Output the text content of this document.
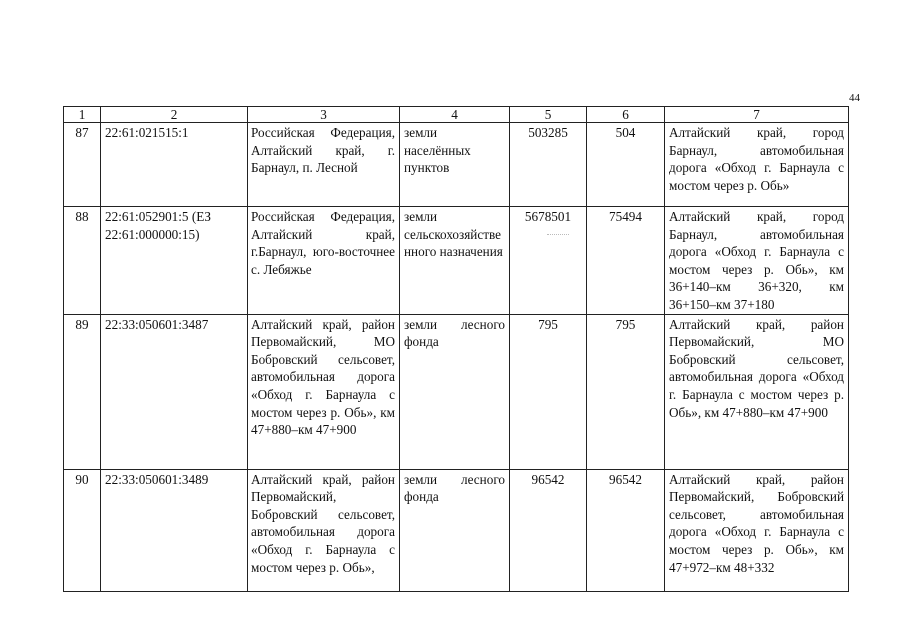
44
1	2	3	4	5	6	7
87	22:61:021515:1	Российская Федерация, Алтайский край, г. Барнаул, п. Лесной	земли населённых пунктов	503285	504	Алтайский край, город Барнаул, автомобильная дорога «Обход г. Барнаула с мостом через р. Обь»
88	22:61:052901:5 (ЕЗ 22:61:000000:15)	Российская Федерация, Алтайский край, г.Барнаул, юго-восточнее с. Лебяжье	земли сельскохозяйственного назначения	5678501	75494	Алтайский край, город Барнаул, автомобильная дорога «Обход г. Барнаула с мостом через р. Обь», км 36+140–км 36+320, км 36+150–км 37+180
89	22:33:050601:3487	Алтайский край, район Первомайский, МО Бобровский сельсовет, автомобильная дорога «Обход г. Барнаула с мостом через р. Обь», км 47+880–км 47+900	земли лесного фонда	795	795	Алтайский край, район Первомайский, МО Бобровский сельсовет, автомобильная дорога «Обход г. Барнаула с мостом через р. Обь», км 47+880–км 47+900
90	22:33:050601:3489	Алтайский край, район Первомайский, Бобровский сельсовет, автомобильная дорога «Обход г. Барнаула с мостом через р. Обь»,	земли лесного фонда	96542	96542	Алтайский край, район Первомайский, Бобровский сельсовет, автомобильная дорога «Обход г. Барнаула с мостом через р. Обь», км 47+972–км 48+332
